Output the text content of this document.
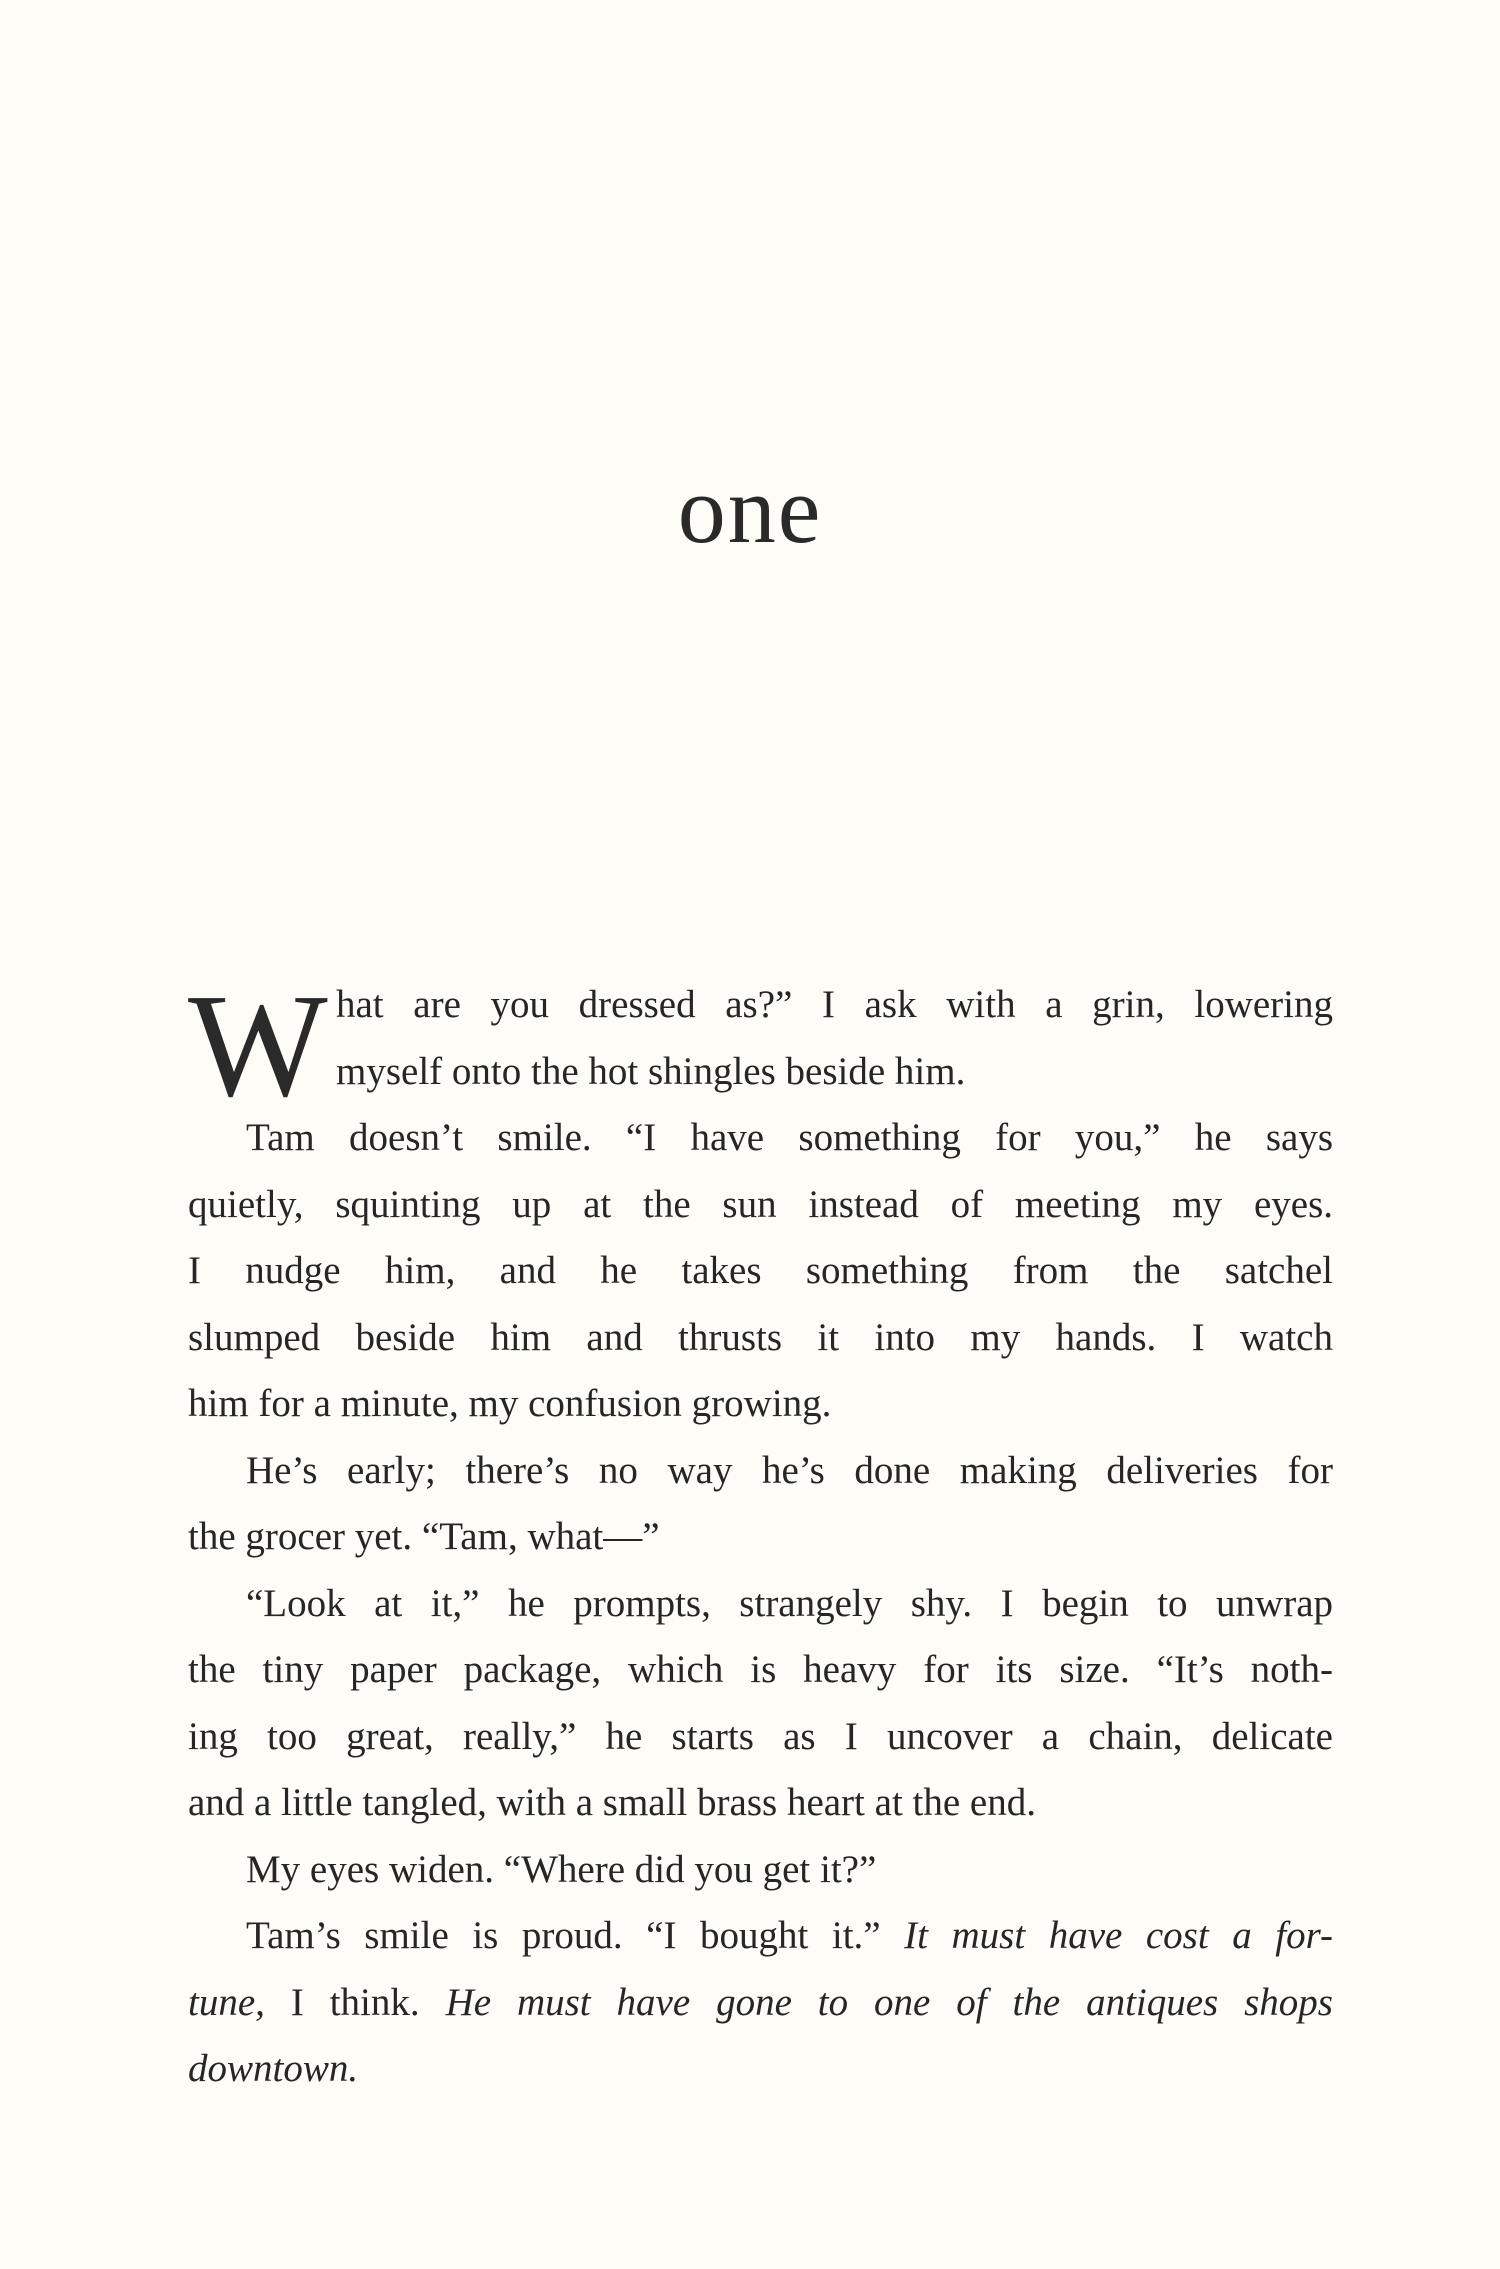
one
W hat are you dressed as?” I ask with a grin, lowering
myself onto the hot shingles beside him.
Tam doesn’t smile. “I have something for you,” he says
quietly, squinting up at the sun instead of meeting my eyes.
I nudge him, and he takes something from the satchel
slumped beside him and thrusts it into my hands. I watch
him for a minute, my confusion growing.
He’s early; there’s no way he’s done making deliveries for
the grocer yet. “Tam, what—”
“Look at it,” he prompts, strangely shy. I begin to unwrap
the tiny paper package, which is heavy for its size. “It’s noth-
ing too great, really,” he starts as I uncover a chain, delicate
and a little tangled, with a small brass heart at the end.
My eyes widen. “Where did you get it?”
Tam’s smile is proud. “I bought it.” It must have cost a for-
tune, I think. He must have gone to one of the antiques shops
downtown.
